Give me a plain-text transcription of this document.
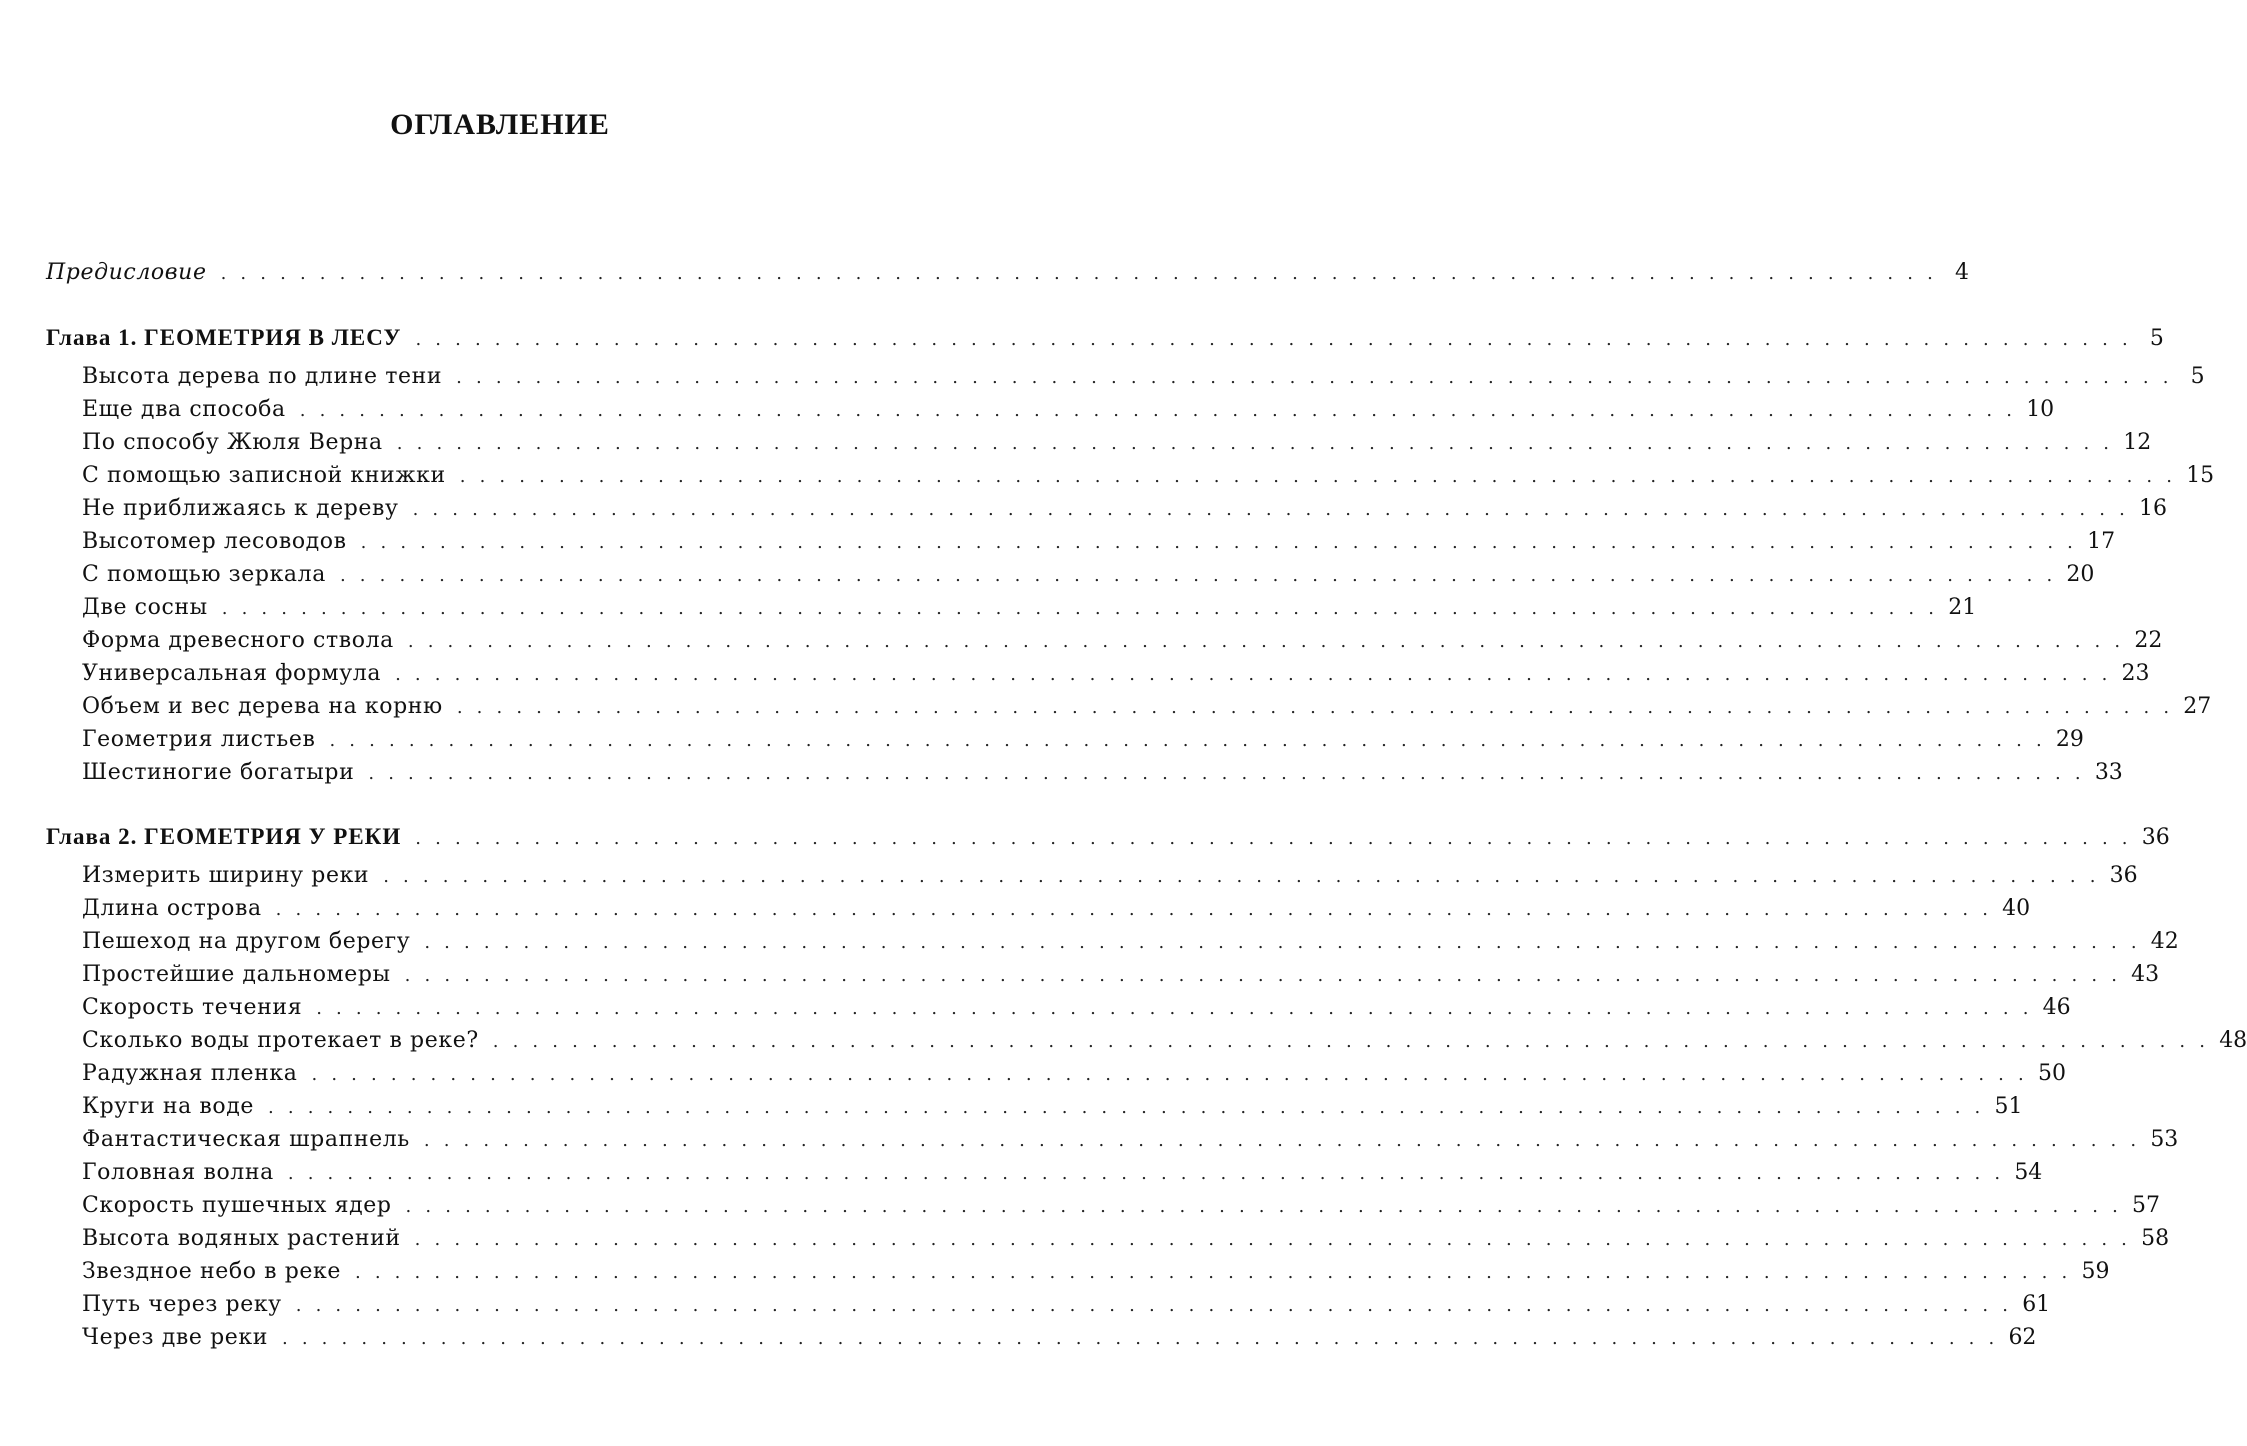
ОГЛАВЛЕНИЕ
Предисловие . . . . . . . . . . . . . . . . . . . . . . . . . . . . . . . . . . . . . . . . . . . . . . . . . . . . . . . . . . . . . . . . . . . . . . . . . . . . . . . . . . . . . . . 4
Глава 1. ГЕОМЕТРИЯ В ЛЕСУ . . . . . . . . . . . . . . . . . . . . . . . . . . . . . . . . . . . . . . . . . . . . . . . . . . . . . . . . . . . . . . . . . . . . . . . . . . . . . . . . . . . . . . . 5
Высота дерева по длине тени . . . . . . . . . . . . . . . . . . . . . . . . . . . . . . . . . . . . . . . . . . . . . . . . . . . . . . . . . . . . . . . . . . . . . . . . . . . . . . . . . . . . . . . 5
Еще два способа . . . . . . . . . . . . . . . . . . . . . . . . . . . . . . . . . . . . . . . . . . . . . . . . . . . . . . . . . . . . . . . . . . . . . . . . . . . . . . . . . . . . . . . 10
По способу Жюля Верна . . . . . . . . . . . . . . . . . . . . . . . . . . . . . . . . . . . . . . . . . . . . . . . . . . . . . . . . . . . . . . . . . . . . . . . . . . . . . . . . . . . . . . . 12
С помощью записной книжки . . . . . . . . . . . . . . . . . . . . . . . . . . . . . . . . . . . . . . . . . . . . . . . . . . . . . . . . . . . . . . . . . . . . . . . . . . . . . . . . . . . . . . . 15
Не приближаясь к дереву . . . . . . . . . . . . . . . . . . . . . . . . . . . . . . . . . . . . . . . . . . . . . . . . . . . . . . . . . . . . . . . . . . . . . . . . . . . . . . . . . . . . . . . 16
Высотомер лесоводов . . . . . . . . . . . . . . . . . . . . . . . . . . . . . . . . . . . . . . . . . . . . . . . . . . . . . . . . . . . . . . . . . . . . . . . . . . . . . . . . . . . . . . . 17
С помощью зеркала . . . . . . . . . . . . . . . . . . . . . . . . . . . . . . . . . . . . . . . . . . . . . . . . . . . . . . . . . . . . . . . . . . . . . . . . . . . . . . . . . . . . . . . 20
Две сосны . . . . . . . . . . . . . . . . . . . . . . . . . . . . . . . . . . . . . . . . . . . . . . . . . . . . . . . . . . . . . . . . . . . . . . . . . . . . . . . . . . . . . . . 21
Форма древесного ствола . . . . . . . . . . . . . . . . . . . . . . . . . . . . . . . . . . . . . . . . . . . . . . . . . . . . . . . . . . . . . . . . . . . . . . . . . . . . . . . . . . . . . . . 22
Универсальная формула . . . . . . . . . . . . . . . . . . . . . . . . . . . . . . . . . . . . . . . . . . . . . . . . . . . . . . . . . . . . . . . . . . . . . . . . . . . . . . . . . . . . . . . 23
Объем и вес дерева на корню . . . . . . . . . . . . . . . . . . . . . . . . . . . . . . . . . . . . . . . . . . . . . . . . . . . . . . . . . . . . . . . . . . . . . . . . . . . . . . . . . . . . . . . 27
Геометрия листьев . . . . . . . . . . . . . . . . . . . . . . . . . . . . . . . . . . . . . . . . . . . . . . . . . . . . . . . . . . . . . . . . . . . . . . . . . . . . . . . . . . . . . . . 29
Шестиногие богатыри . . . . . . . . . . . . . . . . . . . . . . . . . . . . . . . . . . . . . . . . . . . . . . . . . . . . . . . . . . . . . . . . . . . . . . . . . . . . . . . . . . . . . . . 33
Глава 2. ГЕОМЕТРИЯ У РЕКИ . . . . . . . . . . . . . . . . . . . . . . . . . . . . . . . . . . . . . . . . . . . . . . . . . . . . . . . . . . . . . . . . . . . . . . . . . . . . . . . . . . . . . . . 36
Измерить ширину реки . . . . . . . . . . . . . . . . . . . . . . . . . . . . . . . . . . . . . . . . . . . . . . . . . . . . . . . . . . . . . . . . . . . . . . . . . . . . . . . . . . . . . . . 36
Длина острова . . . . . . . . . . . . . . . . . . . . . . . . . . . . . . . . . . . . . . . . . . . . . . . . . . . . . . . . . . . . . . . . . . . . . . . . . . . . . . . . . . . . . . . 40
Пешеход на другом берегу . . . . . . . . . . . . . . . . . . . . . . . . . . . . . . . . . . . . . . . . . . . . . . . . . . . . . . . . . . . . . . . . . . . . . . . . . . . . . . . . . . . . . . . 42
Простейшие дальномеры . . . . . . . . . . . . . . . . . . . . . . . . . . . . . . . . . . . . . . . . . . . . . . . . . . . . . . . . . . . . . . . . . . . . . . . . . . . . . . . . . . . . . . . 43
Скорость течения . . . . . . . . . . . . . . . . . . . . . . . . . . . . . . . . . . . . . . . . . . . . . . . . . . . . . . . . . . . . . . . . . . . . . . . . . . . . . . . . . . . . . . . 46
Сколько воды протекает в реке? . . . . . . . . . . . . . . . . . . . . . . . . . . . . . . . . . . . . . . . . . . . . . . . . . . . . . . . . . . . . . . . . . . . . . . . . . . . . . . . . . . . . . . . 48
Радужная пленка . . . . . . . . . . . . . . . . . . . . . . . . . . . . . . . . . . . . . . . . . . . . . . . . . . . . . . . . . . . . . . . . . . . . . . . . . . . . . . . . . . . . . . . 50
Круги на воде . . . . . . . . . . . . . . . . . . . . . . . . . . . . . . . . . . . . . . . . . . . . . . . . . . . . . . . . . . . . . . . . . . . . . . . . . . . . . . . . . . . . . . . 51
Фантастическая шрапнель . . . . . . . . . . . . . . . . . . . . . . . . . . . . . . . . . . . . . . . . . . . . . . . . . . . . . . . . . . . . . . . . . . . . . . . . . . . . . . . . . . . . . . . 53
Головная волна . . . . . . . . . . . . . . . . . . . . . . . . . . . . . . . . . . . . . . . . . . . . . . . . . . . . . . . . . . . . . . . . . . . . . . . . . . . . . . . . . . . . . . . 54
Скорость пушечных ядер . . . . . . . . . . . . . . . . . . . . . . . . . . . . . . . . . . . . . . . . . . . . . . . . . . . . . . . . . . . . . . . . . . . . . . . . . . . . . . . . . . . . . . . 57
Высота водяных растений . . . . . . . . . . . . . . . . . . . . . . . . . . . . . . . . . . . . . . . . . . . . . . . . . . . . . . . . . . . . . . . . . . . . . . . . . . . . . . . . . . . . . . . 58
Звездное небо в реке . . . . . . . . . . . . . . . . . . . . . . . . . . . . . . . . . . . . . . . . . . . . . . . . . . . . . . . . . . . . . . . . . . . . . . . . . . . . . . . . . . . . . . . 59
Путь через реку . . . . . . . . . . . . . . . . . . . . . . . . . . . . . . . . . . . . . . . . . . . . . . . . . . . . . . . . . . . . . . . . . . . . . . . . . . . . . . . . . . . . . . . 61
Через две реки . . . . . . . . . . . . . . . . . . . . . . . . . . . . . . . . . . . . . . . . . . . . . . . . . . . . . . . . . . . . . . . . . . . . . . . . . . . . . . . . . . . . . . . 62
